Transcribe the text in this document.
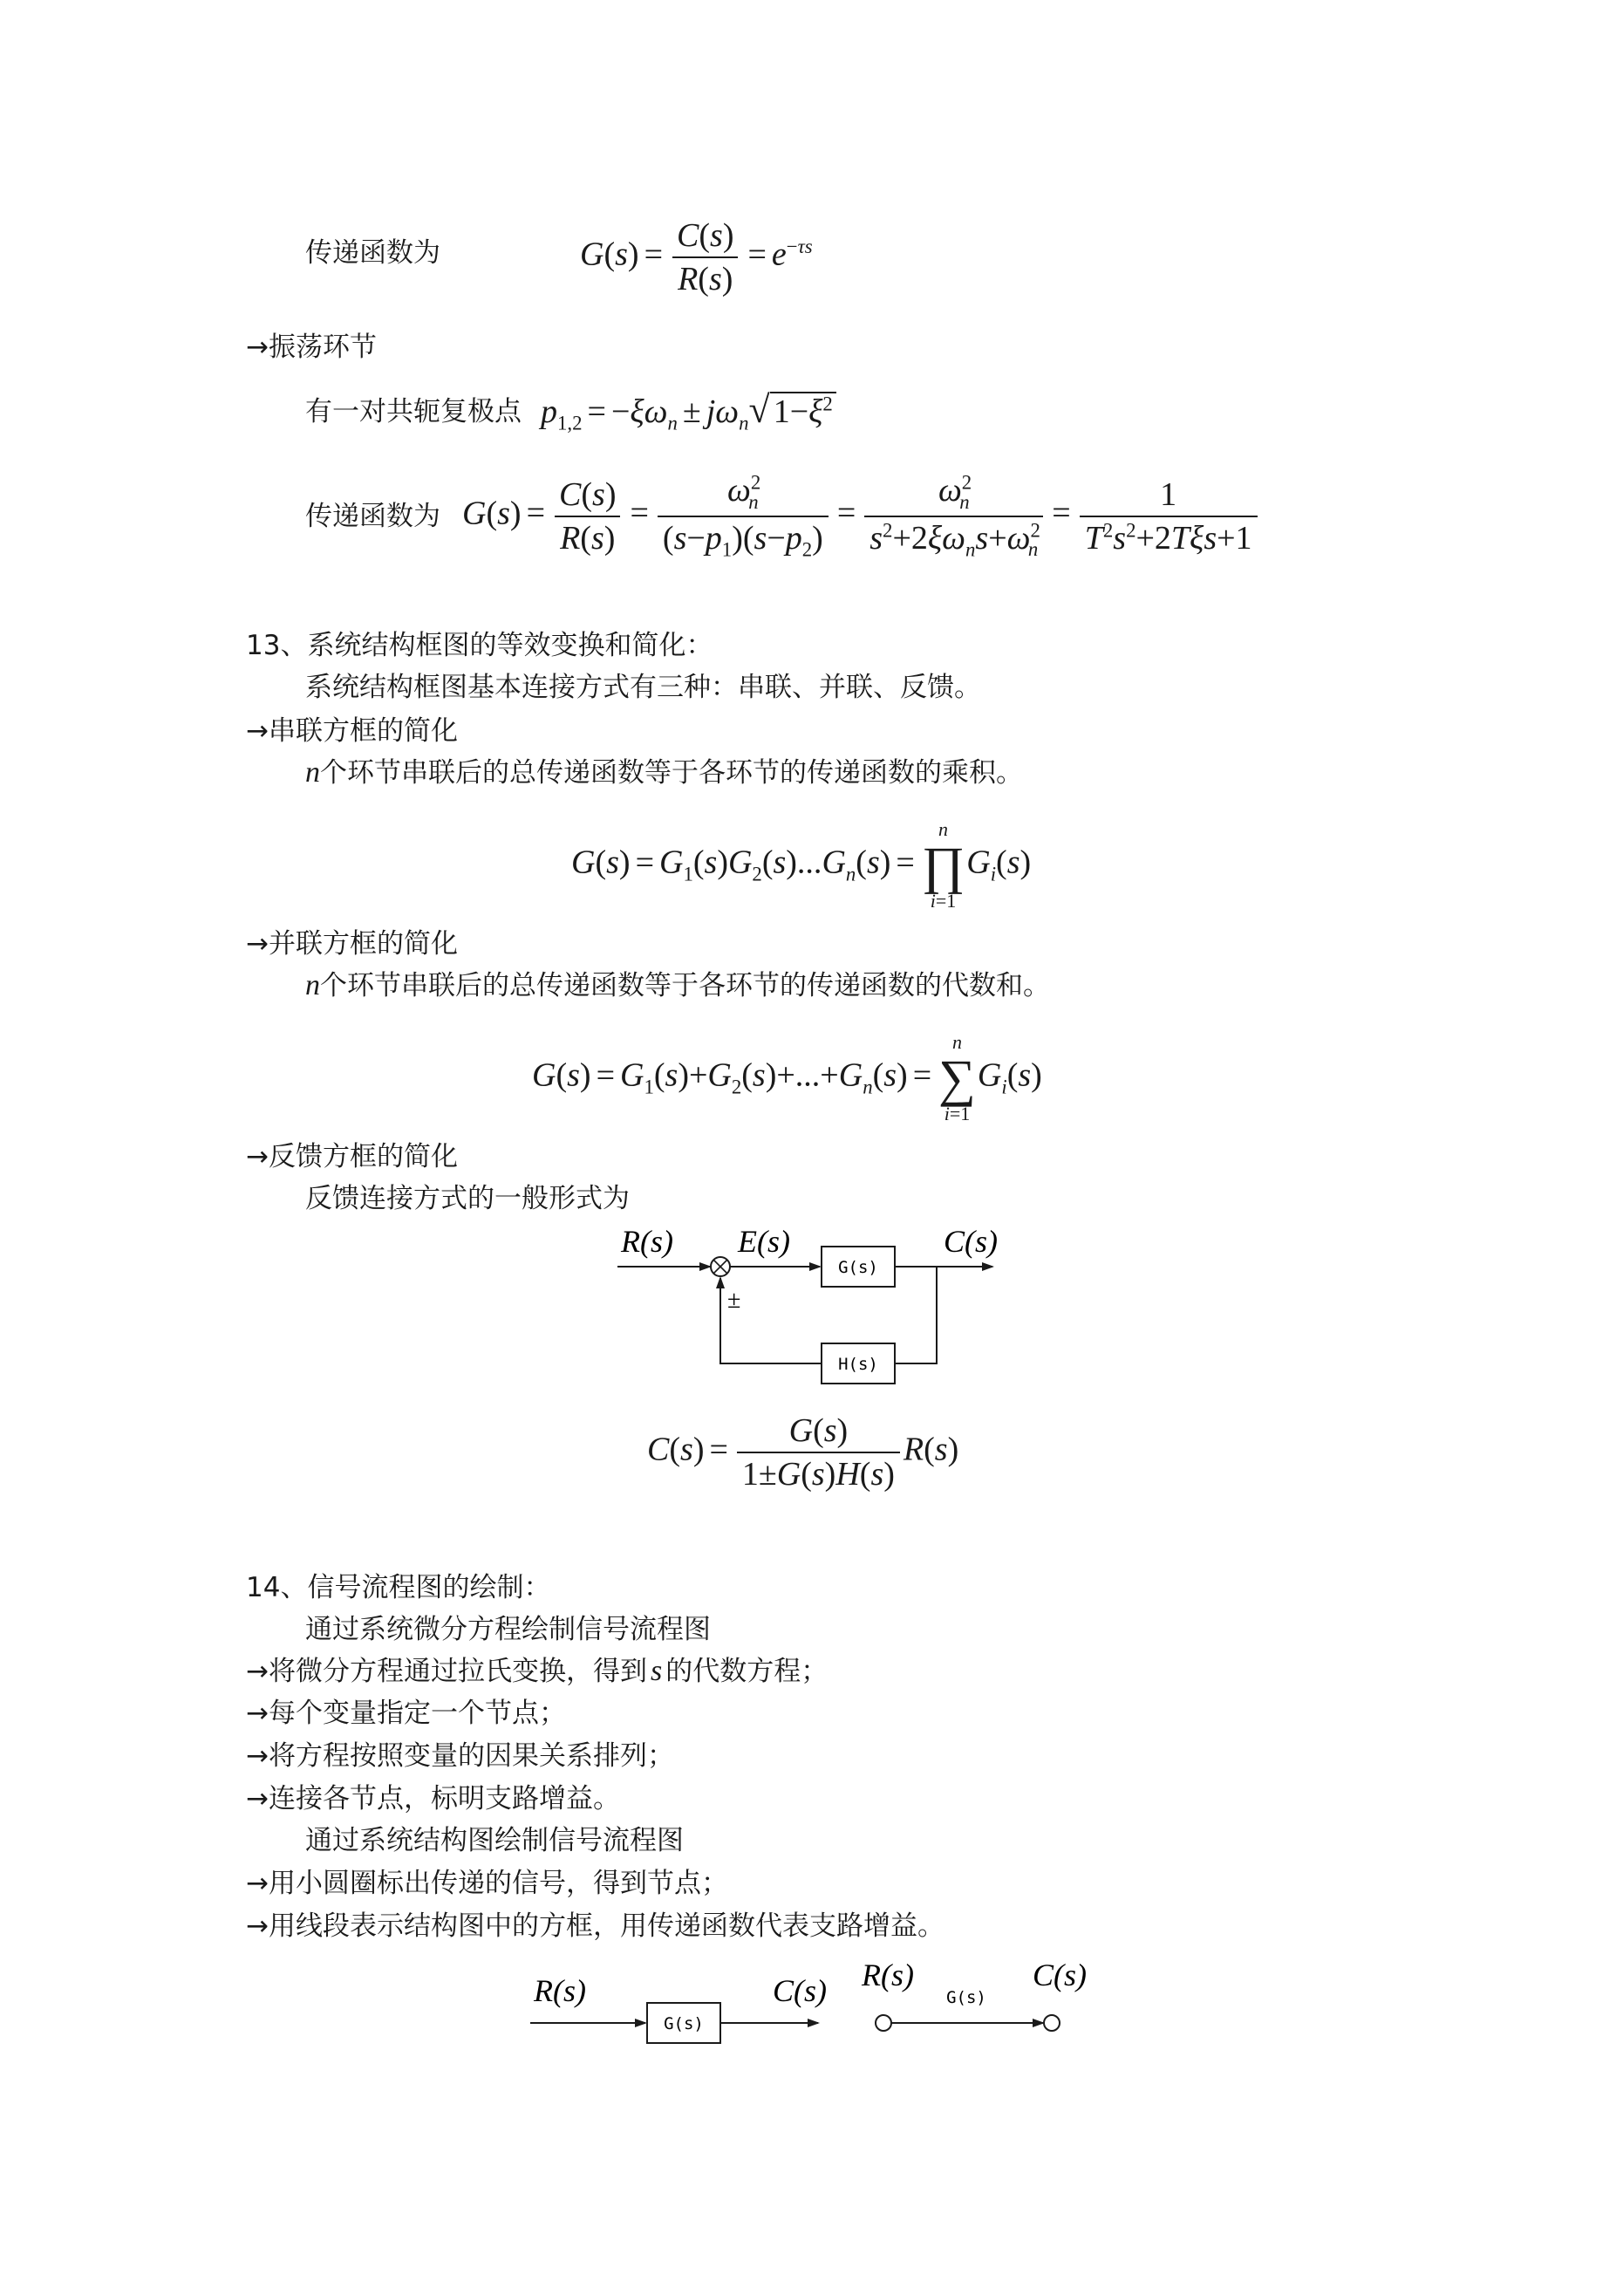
传递函数为	$G(s) = \frac{C(s)}{R(s)} = e^{-\tau s}$
→振荡环节
有一对共轭复极点 $p_{1,2} = -\xi\omega_n \pm j\omega_n√$ $1-\xi^2$
传递函数为 $G(s) = \frac{C(s)}{R(s)} = \frac{\omega^2_n}{(s-p_1)(s-p_2)} = \frac{\omega^2_n}{s^2+2\xi\omega_ns+\omega^2_n} = \frac{1}{T^2s^2+2T\xi s+1}$
13、系统结构框图的等效变换和简化：
系统结构框图基本连接方式有三种：串联、并联、反馈。
→串联方框的简化
n个环节串联后的总传递函数等于各环节的传递函数的乘积。
$G(s) = G_1(s)G_2(s)...G_n(s)$ =
n
∏
i=1
$G_i(s)$
→并联方框的简化
n个环节串联后的总传递函数等于各环节的传递函数的代数和。
$G(s) = G_1(s)+G_2(s)+...+G_n(s)$ =
n
∑
i=1
$G_i(s)$
→反馈方框的简化
反馈连接方式的一般形式为
R(s) E(s)	C(s)
G(s)
H(s)
±
$C(s) = \frac{G(s)}{1\pm G(s)H(s)} R(s)$
14、信号流程图的绘制：
通过系统微分方程绘制信号流程图
→将微分方程通过拉氏变换，得到 s 的代数方程；
→每个变量指定一个节点；
→将方程按照变量的因果关系排列；
→连接各节点，标明支路增益。
通过系统结构图绘制信号流程图
→用小圆圈标出传递的信号，得到节点；
→用线段表示结构图中的方框，用传递函数代表支路增益。
R(s)
G(s)
C(s) R(s)
G(s)
C(s)
